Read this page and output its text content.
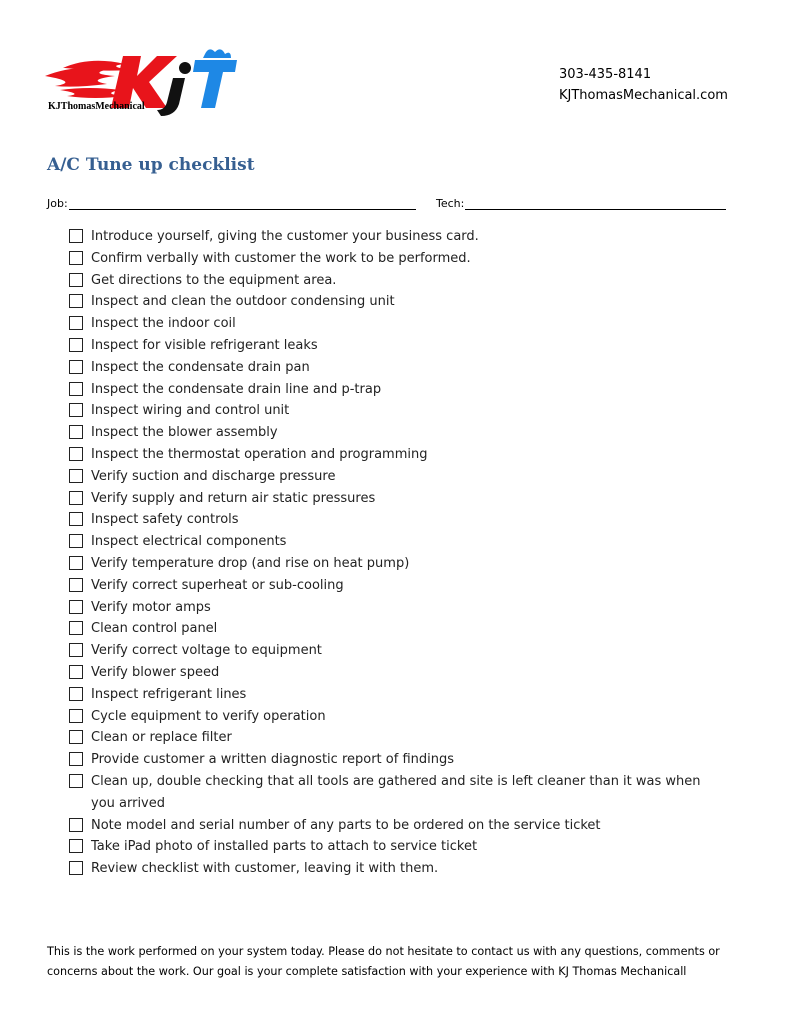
KJThomasMechanical
303-435-8141
KJThomasMechanical.com
A/C Tune up checklist
Job:	Tech:
Introduce yourself, giving the customer your business card.
Confirm verbally with customer the work to be performed.
Get directions to the equipment area.
Inspect and clean the outdoor condensing unit
Inspect the indoor coil
Inspect for visible refrigerant leaks
Inspect the condensate drain pan
Inspect the condensate drain line and p-trap
Inspect wiring and control unit
Inspect the blower assembly
Inspect the thermostat operation and programming
Verify suction and discharge pressure
Verify supply and return air static pressures
Inspect safety controls
Inspect electrical components
Verify temperature drop (and rise on heat pump)
Verify correct superheat or sub-cooling
Verify motor amps
Clean control panel
Verify correct voltage to equipment
Verify blower speed
Inspect refrigerant lines
Cycle equipment to verify operation
Clean or replace filter
Provide customer a written diagnostic report of findings
Clean up, double checking that all tools are gathered and site is left cleaner than it was when you arrived
Note model and serial number of any parts to be ordered on the service ticket
Take iPad photo of installed parts to attach to service ticket
Review checklist with customer, leaving it with them.

This is the work performed on your system today. Please do not hesitate to contact us with any questions, comments or concerns about the work. Our goal is your complete satisfaction with your experience with KJ Thomas Mechanicall
